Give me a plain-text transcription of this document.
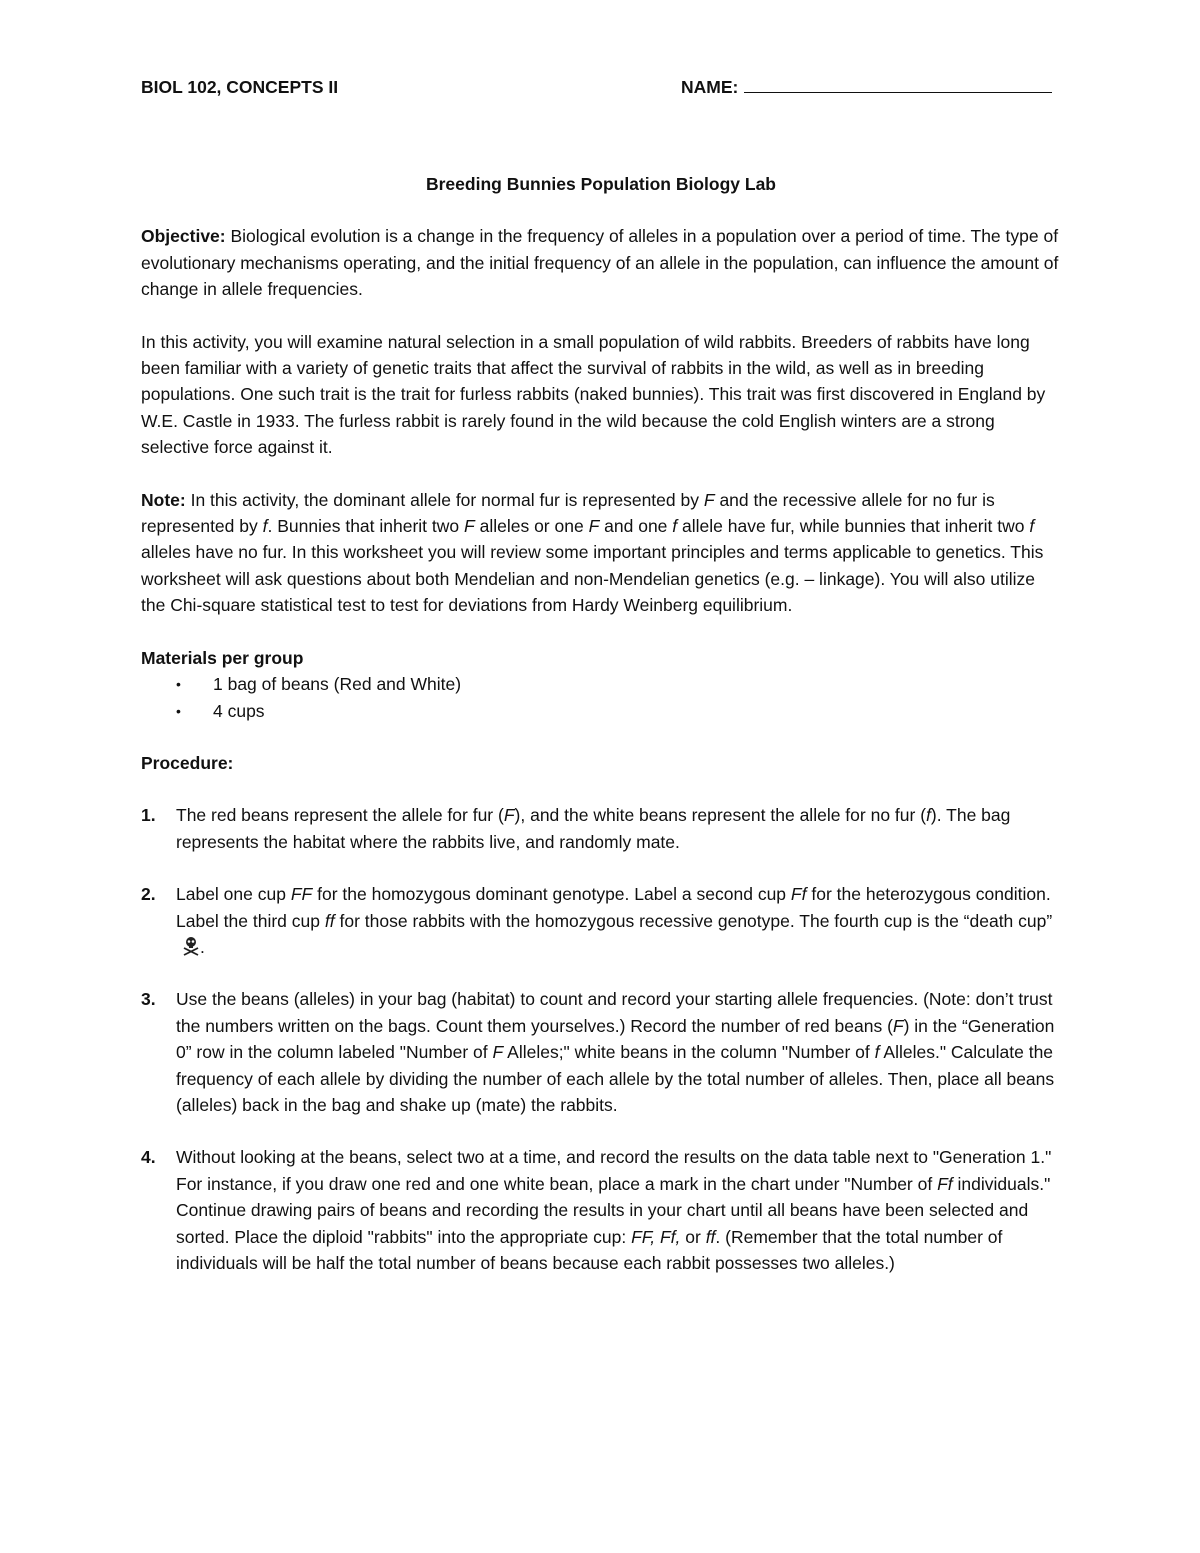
BIOL 102, CONCEPTS II	NAME:
Breeding Bunnies Population Biology Lab

Objective: Biological evolution is a change in the frequency of alleles in a population over a period of time. The type of evolutionary mechanisms operating, and the initial frequency of an allele in the population, can influence the amount of change in allele frequencies.

In this activity, you will examine natural selection in a small population of wild rabbits. Breeders of rabbits have long been familiar with a variety of genetic traits that affect the survival of rabbits in the wild, as well as in breeding populations. One such trait is the trait for furless rabbits (naked bunnies). This trait was first discovered in England by W.E. Castle in 1933. The furless rabbit is rarely found in the wild because the cold English winters are a strong selective force against it.

Note: In this activity, the dominant allele for normal fur is represented by F and the recessive allele for no fur is represented by f. Bunnies that inherit two F alleles or one F and one f allele have fur, while bunnies that inherit two f alleles have no fur. In this worksheet you will review some important principles and terms applicable to genetics. This worksheet will ask questions about both Mendelian and non-Mendelian genetics (e.g. – linkage). You will also utilize the Chi-square statistical test to test for deviations from Hardy Weinberg equilibrium.

Materials per group
• 1 bag of beans (Red and White)
• 4 cups

Procedure:

1. The red beans represent the allele for fur (F), and the white beans represent the allele for no fur (f). The bag represents the habitat where the rabbits live, and randomly mate.
2. Label one cup FF for the homozygous dominant genotype. Label a second cup Ff for the heterozygous condition. Label the third cup ff for those rabbits with the homozygous recessive genotype. The fourth cup is the “death cup”.
3. Use the beans (alleles) in your bag (habitat) to count and record your starting allele frequencies. (Note: don’t trust the numbers written on the bags. Count them yourselves.) Record the number of red beans (F) in the “Generation 0” row in the column labeled "Number of F Alleles;" white beans in the column "Number of f Alleles." Calculate the frequency of each allele by dividing the number of each allele by the total number of alleles. Then, place all beans (alleles) back in the bag and shake up (mate) the rabbits.
4. Without looking at the beans, select two at a time, and record the results on the data table next to "Generation 1." For instance, if you draw one red and one white bean, place a mark in the chart under "Number of Ff individuals." Continue drawing pairs of beans and recording the results in your chart until all beans have been selected and sorted. Place the diploid "rabbits" into the appropriate cup: FF, Ff, or ff. (Remember that the total number of individuals will be half the total number of beans because each rabbit possesses two alleles.)
